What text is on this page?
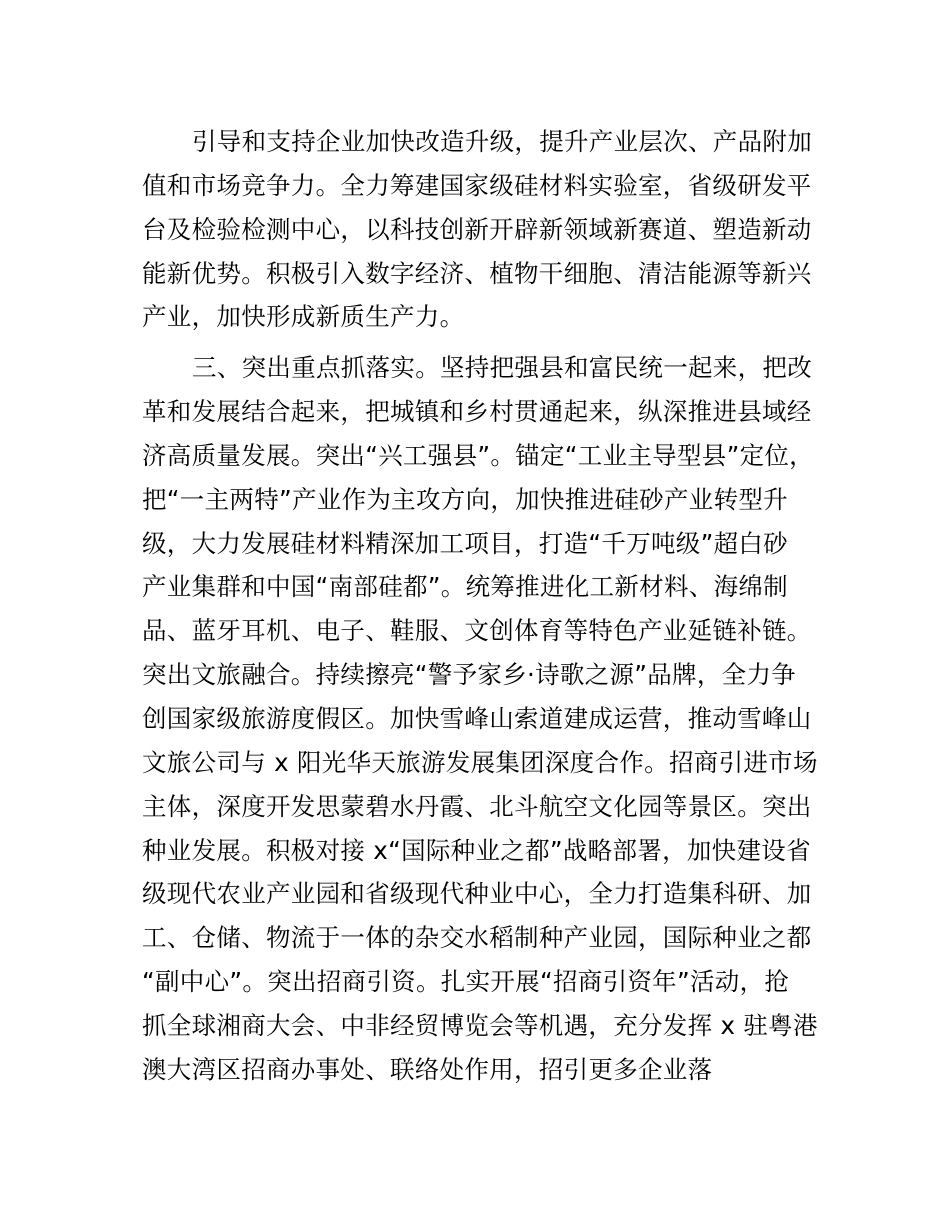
引导和支持企业加快改造升级，提升产业层次、产品附加
值和市场竞争力。全力筹建国家级硅材料实验室，省级研发平
台及检验检测中心，以科技创新开辟新领域新赛道、塑造新动
能新优势。积极引入数字经济、植物干细胞、清洁能源等新兴
产业，加快形成新质生产力。
三、突出重点抓落实。坚持把强县和富民统一起来，把改
革和发展结合起来，把城镇和乡村贯通起来，纵深推进县域经
济高质量发展。突出“兴工强县”。锚定“工业主导型县”定位，
把“一主两特”产业作为主攻方向，加快推进硅砂产业转型升
级，大力发展硅材料精深加工项目，打造“千万吨级”超白砂
产业集群和中国“南部硅都”。统筹推进化工新材料、海绵制
品、蓝牙耳机、电子、鞋服、文创体育等特色产业延链补链。
突出文旅融合。持续擦亮“警予家乡·诗歌之源”品牌，全力争
创国家级旅游度假区。加快雪峰山索道建成运营，推动雪峰山
文旅公司与 x 阳光华天旅游发展集团深度合作。招商引进市场
主体，深度开发思蒙碧水丹霞、北斗航空文化园等景区。突出
种业发展。积极对接 x“国际种业之都”战略部署，加快建设省
级现代农业产业园和省级现代种业中心，全力打造集科研、加
工、仓储、物流于一体的杂交水稻制种产业园，国际种业之都
“副中心”。突出招商引资。扎实开展“招商引资年”活动，抢
抓全球湘商大会、中非经贸博览会等机遇，充分发挥 x 驻粤港
澳大湾区招商办事处、联络处作用，招引更多企业落
